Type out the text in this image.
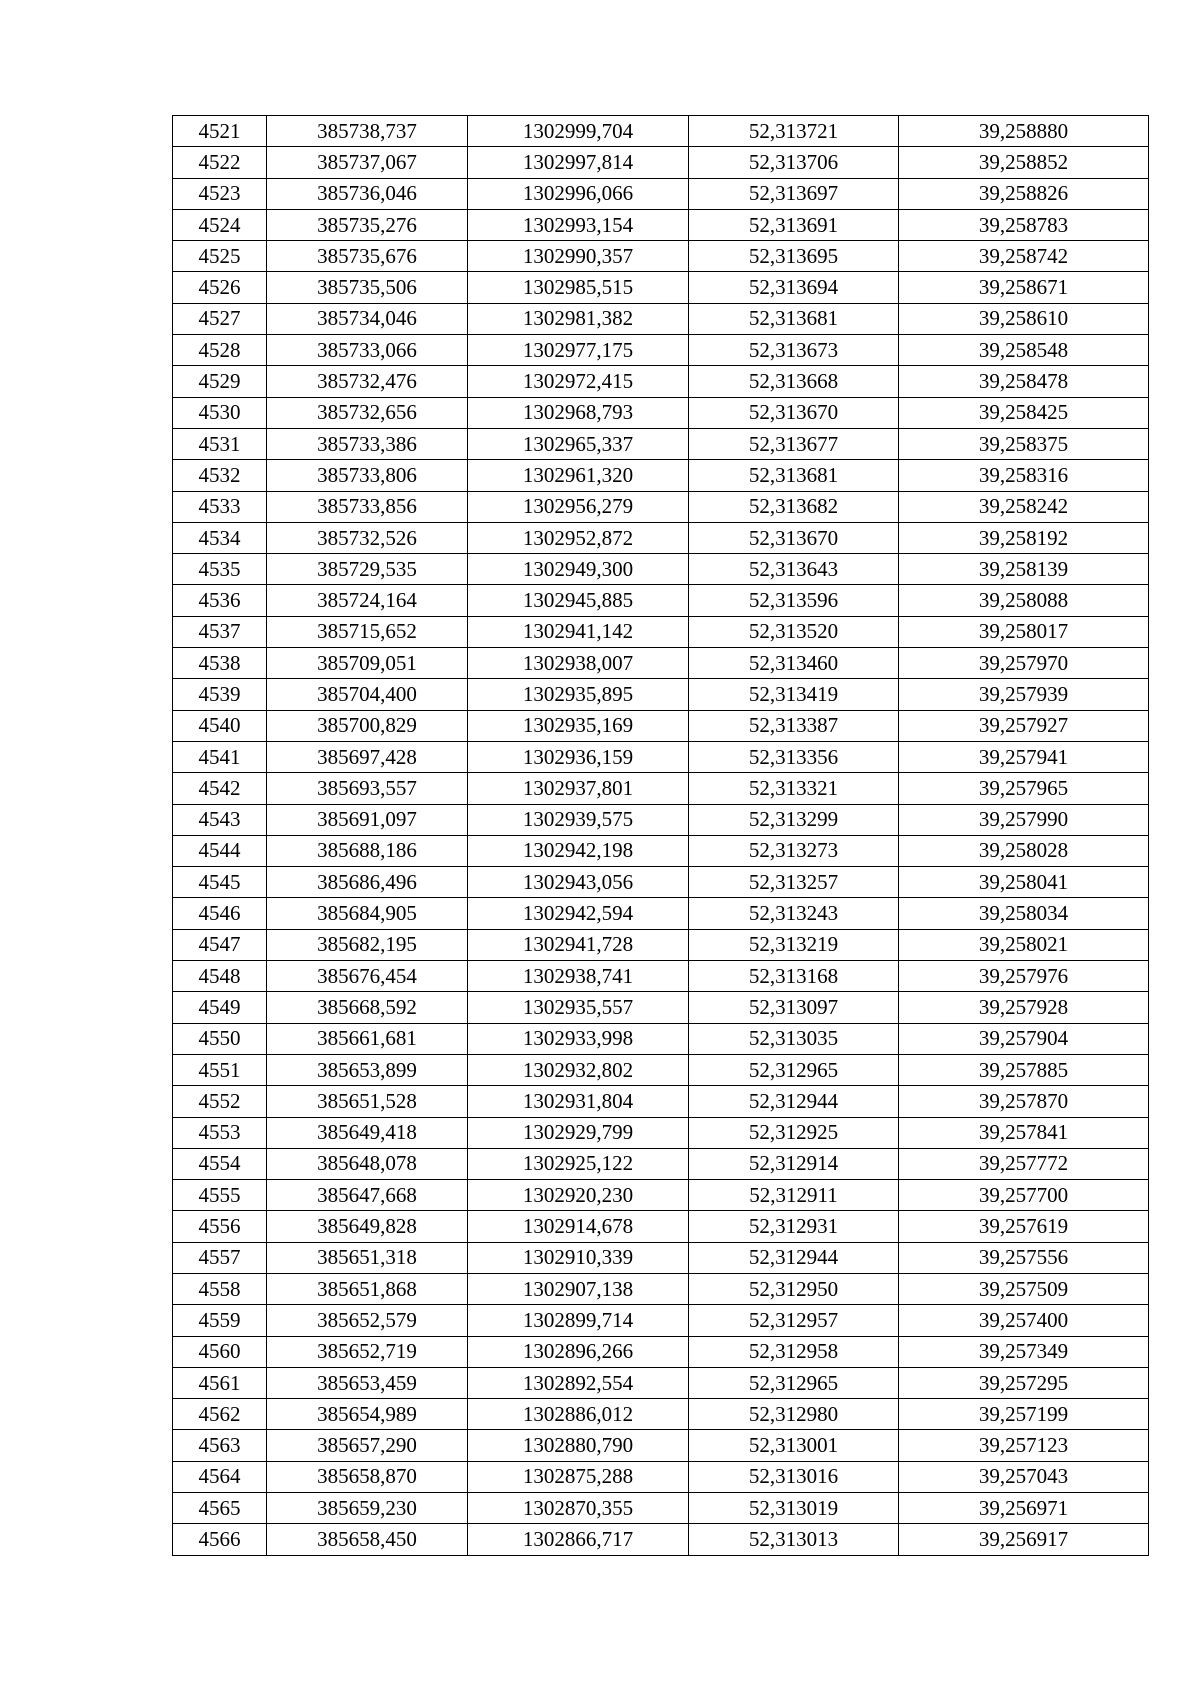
4521	385738,737	1302999,704	52,313721	39,258880
4522	385737,067	1302997,814	52,313706	39,258852
4523	385736,046	1302996,066	52,313697	39,258826
4524	385735,276	1302993,154	52,313691	39,258783
4525	385735,676	1302990,357	52,313695	39,258742
4526	385735,506	1302985,515	52,313694	39,258671
4527	385734,046	1302981,382	52,313681	39,258610
4528	385733,066	1302977,175	52,313673	39,258548
4529	385732,476	1302972,415	52,313668	39,258478
4530	385732,656	1302968,793	52,313670	39,258425
4531	385733,386	1302965,337	52,313677	39,258375
4532	385733,806	1302961,320	52,313681	39,258316
4533	385733,856	1302956,279	52,313682	39,258242
4534	385732,526	1302952,872	52,313670	39,258192
4535	385729,535	1302949,300	52,313643	39,258139
4536	385724,164	1302945,885	52,313596	39,258088
4537	385715,652	1302941,142	52,313520	39,258017
4538	385709,051	1302938,007	52,313460	39,257970
4539	385704,400	1302935,895	52,313419	39,257939
4540	385700,829	1302935,169	52,313387	39,257927
4541	385697,428	1302936,159	52,313356	39,257941
4542	385693,557	1302937,801	52,313321	39,257965
4543	385691,097	1302939,575	52,313299	39,257990
4544	385688,186	1302942,198	52,313273	39,258028
4545	385686,496	1302943,056	52,313257	39,258041
4546	385684,905	1302942,594	52,313243	39,258034
4547	385682,195	1302941,728	52,313219	39,258021
4548	385676,454	1302938,741	52,313168	39,257976
4549	385668,592	1302935,557	52,313097	39,257928
4550	385661,681	1302933,998	52,313035	39,257904
4551	385653,899	1302932,802	52,312965	39,257885
4552	385651,528	1302931,804	52,312944	39,257870
4553	385649,418	1302929,799	52,312925	39,257841
4554	385648,078	1302925,122	52,312914	39,257772
4555	385647,668	1302920,230	52,312911	39,257700
4556	385649,828	1302914,678	52,312931	39,257619
4557	385651,318	1302910,339	52,312944	39,257556
4558	385651,868	1302907,138	52,312950	39,257509
4559	385652,579	1302899,714	52,312957	39,257400
4560	385652,719	1302896,266	52,312958	39,257349
4561	385653,459	1302892,554	52,312965	39,257295
4562	385654,989	1302886,012	52,312980	39,257199
4563	385657,290	1302880,790	52,313001	39,257123
4564	385658,870	1302875,288	52,313016	39,257043
4565	385659,230	1302870,355	52,313019	39,256971
4566	385658,450	1302866,717	52,313013	39,256917
